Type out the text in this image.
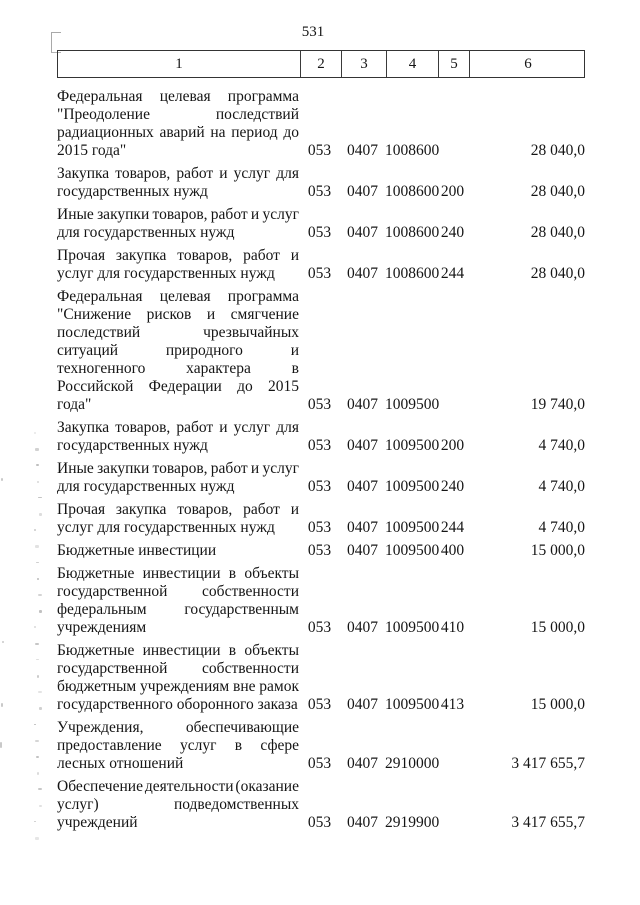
531
1	2	3	4	5	6
Федеральная целевая программа
"Преодоление	последствий
радиационных аварий на период до
2015 года"	053	0407 1008600	28 040,0
Закупка товаров, работ и услуг для
государственных нужд	053	0407 1008600 200	28 040,0
Иные закупки товаров, работ и услуг
для государственных нужд	053	0407 1008600 240	28 040,0
Прочая закупка товаров, работ и
услуг для государственных нужд	053	0407 1008600 244	28 040,0
Федеральная целевая программа
"Снижение рисков и смягчение
последствий	чрезвычайных
ситуаций	природного	и
техногенного	характера	в
Российской Федерации до 2015
года"	053	0407 1009500	19 740,0
Закупка товаров, работ и услуг для
государственных нужд	053	0407 1009500 200	4 740,0
Иные закупки товаров, работ и услуг
для государственных нужд	053	0407 1009500 240	4 740,0
Прочая закупка товаров, работ и
услуг для государственных нужд	053	0407 1009500 244	4 740,0
Бюджетные инвестиции	053	0407 1009500 400	15 000,0
Бюджетные инвестиции в объекты
государственной собственности
федеральным государственным
учреждениям	053	0407 1009500 410	15 000,0
Бюджетные инвестиции в объекты
государственной собственности
бюджетным учреждениям вне рамок
государственного оборонного заказа 053	0407 1009500 413	15 000,0
Учреждения,	обеспечивающие
предоставление услуг в сфере
лесных отношений	053	0407 2910000	3 417 655,7
Обеспечение деятельности (оказание
услуг)	подведомственных
учреждений	053	0407 2919900	3 417 655,7
